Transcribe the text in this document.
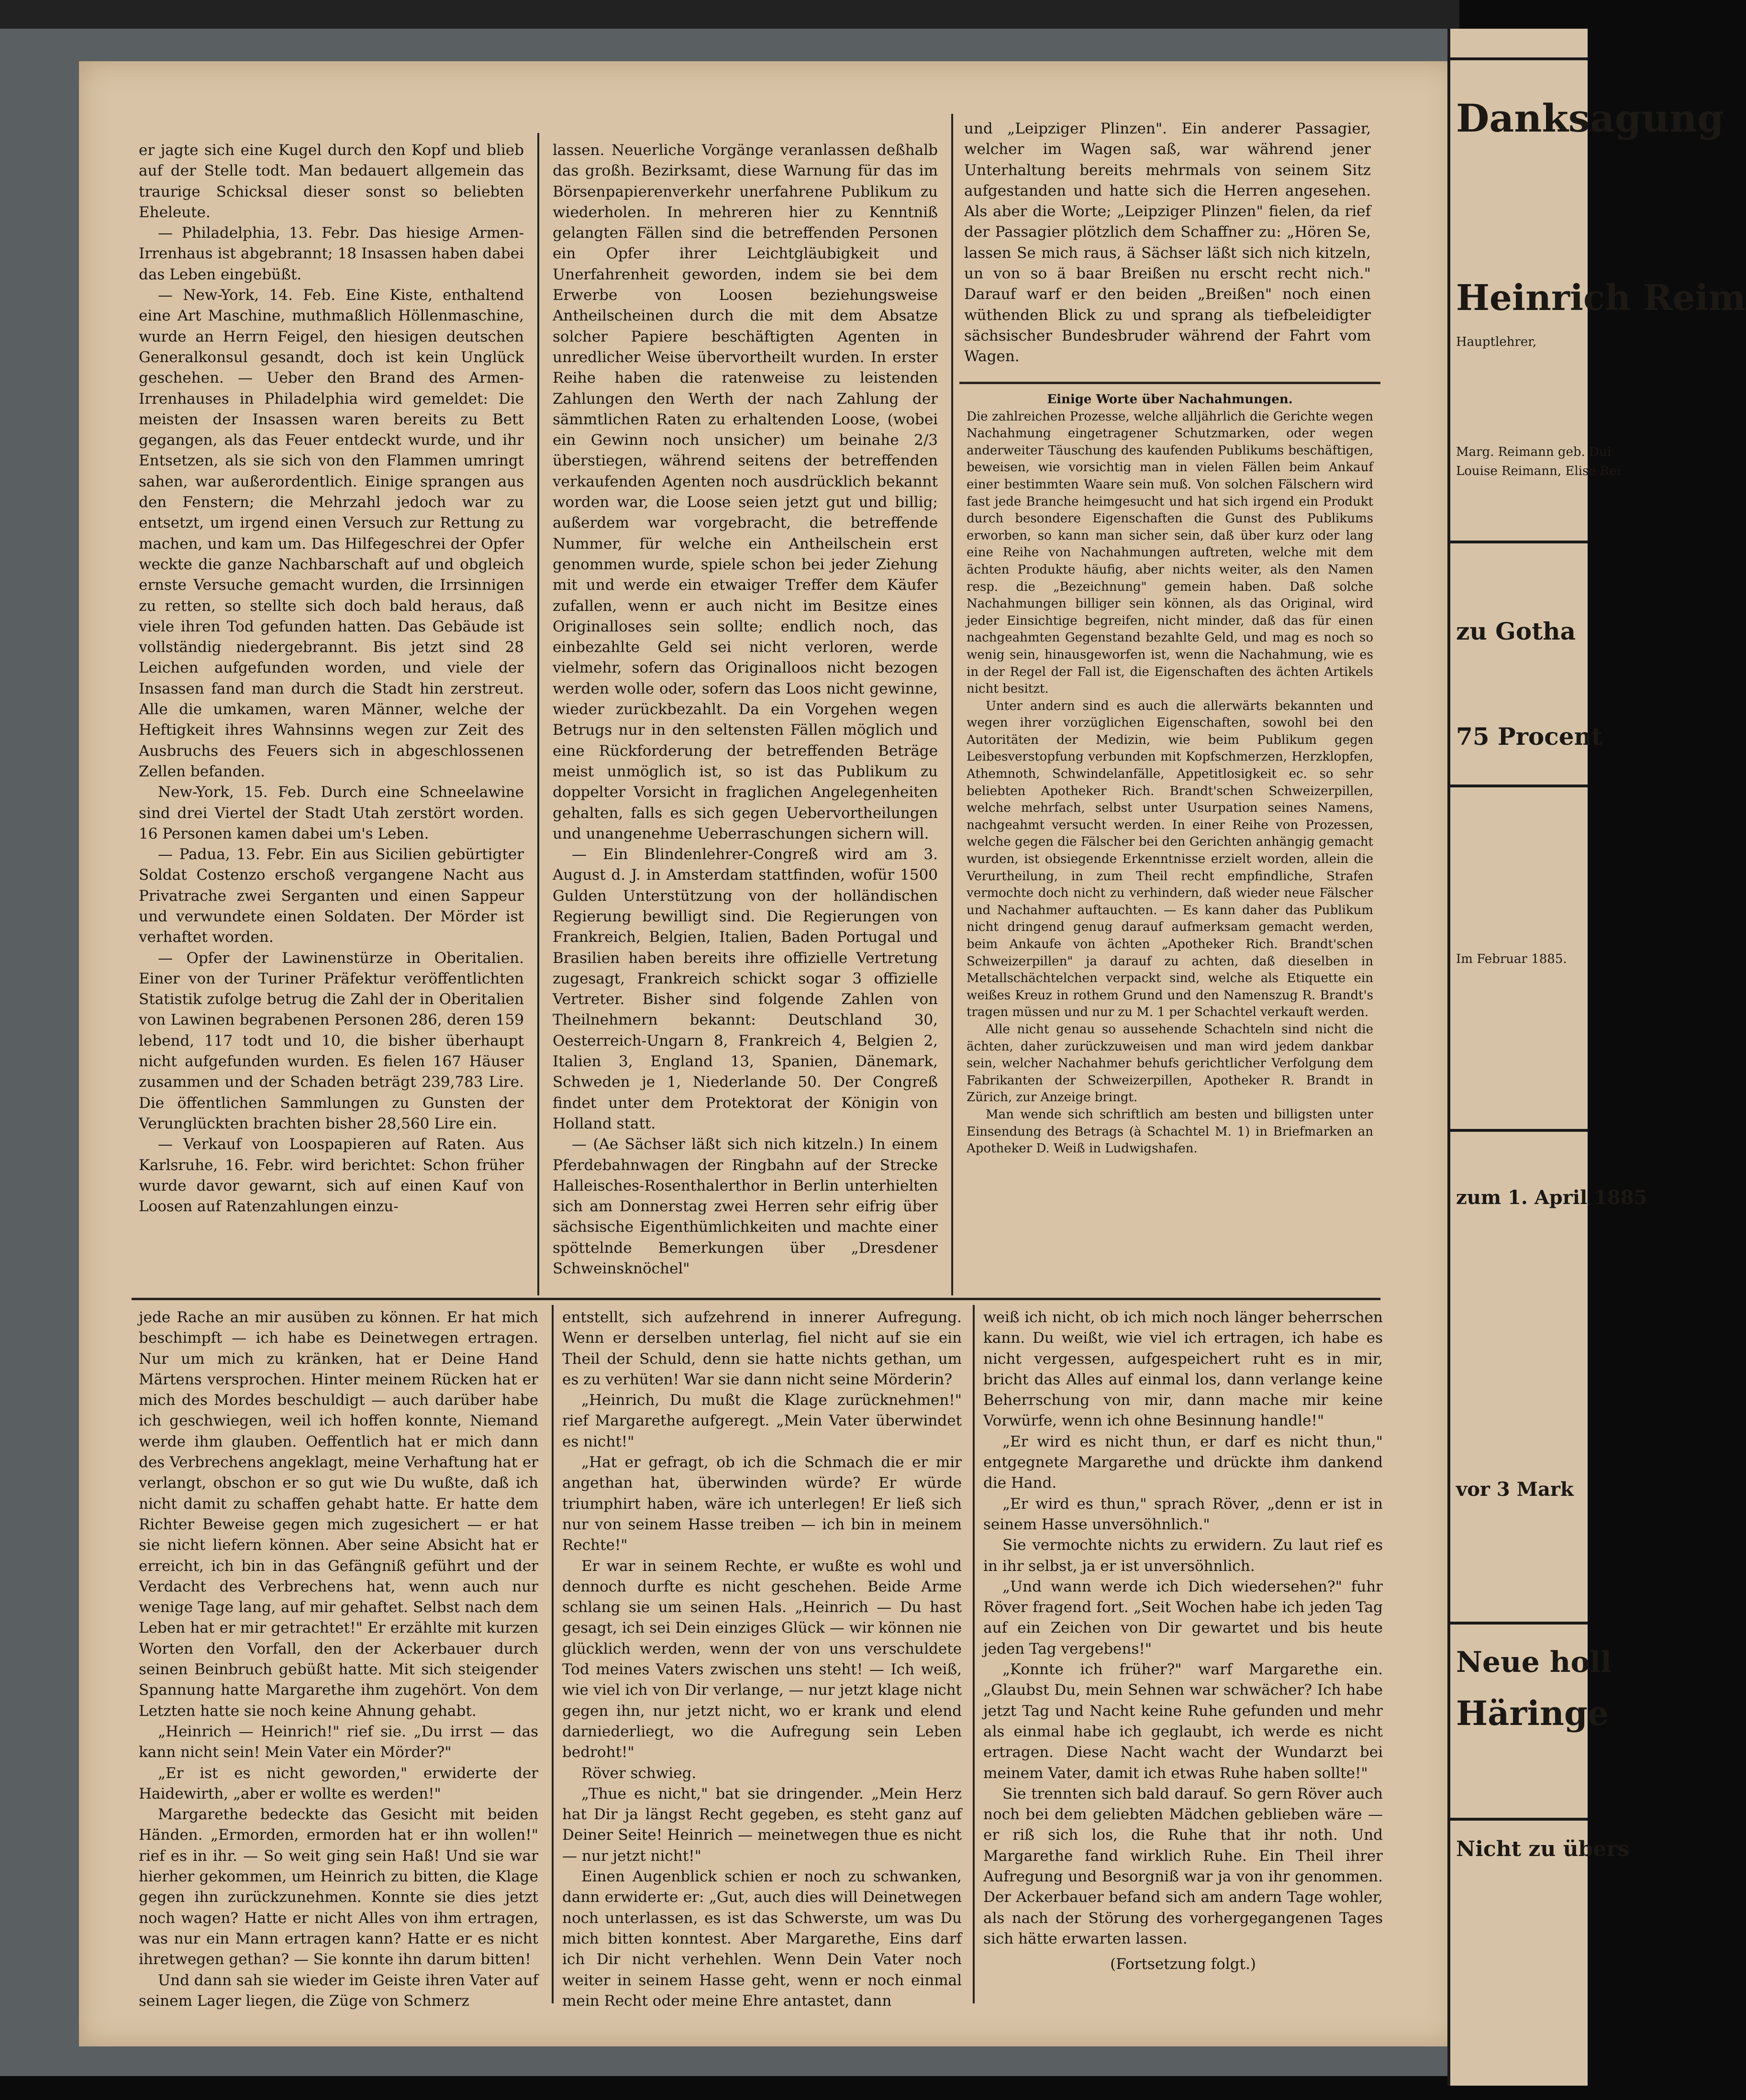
er jagte sich eine Kugel durch den Kopf und blieb auf der Stelle todt. Man bedauert allgemein das traurige Schicksal dieser sonst so beliebten Eheleute.

— Philadelphia, 13. Febr. Das hiesige Armen-Irrenhaus ist abgebrannt; 18 Insassen haben dabei das Leben eingebüßt.

— New-York, 14. Feb. Eine Kiste, enthaltend eine Art Maschine, muthmaßlich Höllenmaschine, wurde an Herrn Feigel, den hiesigen deutschen Generalkonsul gesandt, doch ist kein Unglück geschehen. — Ueber den Brand des Armen-Irrenhauses in Philadelphia wird gemeldet: Die meisten der Insassen waren bereits zu Bett gegangen, als das Feuer entdeckt wurde, und ihr Entsetzen, als sie sich von den Flammen umringt sahen, war außerordentlich. Einige sprangen aus den Fenstern; die Mehrzahl jedoch war zu entsetzt, um irgend einen Versuch zur Rettung zu machen, und kam um. Das Hilfegeschrei der Opfer weckte die ganze Nachbarschaft auf und obgleich ernste Versuche gemacht wurden, die Irrsinnigen zu retten, so stellte sich doch bald heraus, daß viele ihren Tod gefunden hatten. Das Gebäude ist vollständig niedergebrannt. Bis jetzt sind 28 Leichen aufgefunden worden, und viele der Insassen fand man durch die Stadt hin zerstreut. Alle die umkamen, waren Männer, welche der Heftigkeit ihres Wahnsinns wegen zur Zeit des Ausbruchs des Feuers sich in abgeschlossenen Zellen befanden.

New-York, 15. Feb. Durch eine Schneelawine sind drei Viertel der Stadt Utah zerstört worden. 16 Personen kamen dabei um's Leben.

— Padua, 13. Febr. Ein aus Sicilien gebürtigter Soldat Costenzo erschoß vergangene Nacht aus Privatrache zwei Serganten und einen Sappeur und verwundete einen Soldaten. Der Mörder ist verhaftet worden.

— Opfer der Lawinenstürze in Oberitalien. Einer von der Turiner Präfektur veröffentlichten Statistik zufolge betrug die Zahl der in Oberitalien von Lawinen begrabenen Personen 286, deren 159 lebend, 117 todt und 10, die bisher überhaupt nicht aufgefunden wurden. Es fielen 167 Häuser zusammen und der Schaden beträgt 239,783 Lire. Die öffentlichen Sammlungen zu Gunsten der Verunglückten brachten bisher 28,560 Lire ein.

— Verkauf von Loospapieren auf Raten. Aus Karlsruhe, 16. Febr. wird berichtet: Schon früher wurde davor gewarnt, sich auf einen Kauf von Loosen auf Ratenzahlungen einzu-

lassen. Neuerliche Vorgänge veranlassen deßhalb das großh. Bezirksamt, diese Warnung für das im Börsenpapierenverkehr unerfahrene Publikum zu wiederholen. In mehreren hier zu Kenntniß gelangten Fällen sind die betreffenden Personen ein Opfer ihrer Leichtgläubigkeit und Unerfahrenheit geworden, indem sie bei dem Erwerbe von Loosen beziehungsweise Antheilscheinen durch die mit dem Absatze solcher Papiere beschäftigten Agenten in unredlicher Weise übervortheilt wurden. In erster Reihe haben die ratenweise zu leistenden Zahlungen den Werth der nach Zahlung der sämmtlichen Raten zu erhaltenden Loose, (wobei ein Gewinn noch unsicher) um beinahe 2/3 überstiegen, während seitens der betreffenden verkaufenden Agenten noch ausdrücklich bekannt worden war, die Loose seien jetzt gut und billig; außerdem war vorgebracht, die betreffende Nummer, für welche ein Antheilschein erst genommen wurde, spiele schon bei jeder Ziehung mit und werde ein etwaiger Treffer dem Käufer zufallen, wenn er auch nicht im Besitze eines Originalloses sein sollte; endlich noch, das einbezahlte Geld sei nicht verloren, werde vielmehr, sofern das Originalloos nicht bezogen werden wolle oder, sofern das Loos nicht gewinne, wieder zurückbezahlt. Da ein Vorgehen wegen Betrugs nur in den seltensten Fällen möglich und eine Rückforderung der betreffenden Beträge meist unmöglich ist, so ist das Publikum zu doppelter Vorsicht in fraglichen Angelegenheiten gehalten, falls es sich gegen Uebervortheilungen und unangenehme Ueberraschungen sichern will.

— Ein Blindenlehrer-Congreß wird am 3. August d. J. in Amsterdam stattfinden, wofür 1500 Gulden Unterstützung von der holländischen Regierung bewilligt sind. Die Regierungen von Frankreich, Belgien, Italien, Baden Portugal und Brasilien haben bereits ihre offizielle Vertretung zugesagt, Frankreich schickt sogar 3 offizielle Vertreter. Bisher sind folgende Zahlen von Theilnehmern bekannt: Deutschland 30, Oesterreich-Ungarn 8, Frankreich 4, Belgien 2, Italien 3, England 13, Spanien, Dänemark, Schweden je 1, Niederlande 50. Der Congreß findet unter dem Protektorat der Königin von Holland statt.

— (Ae Sächser läßt sich nich kitzeln.) In einem Pferdebahnwagen der Ringbahn auf der Strecke Halleisches-Rosenthalerthor in Berlin unterhielten sich am Donnerstag zwei Herren sehr eifrig über sächsische Eigenthümlichkeiten und machte einer spöttelnde Bemerkungen über „Dresdener Schweinsknöchel"

und „Leipziger Plinzen". Ein anderer Passagier, welcher im Wagen saß, war während jener Unterhaltung bereits mehrmals von seinem Sitz aufgestanden und hatte sich die Herren angesehen. Als aber die Worte; „Leipziger Plinzen" fielen, da rief der Passagier plötzlich dem Schaffner zu: „Hören Se, lassen Se mich raus, ä Sächser läßt sich nich kitzeln, un von so ä baar Breißen nu erscht recht nich." Darauf warf er den beiden „Breißen" noch einen wüthenden Blick zu und sprang als tiefbeleidigter sächsischer Bundesbruder während der Fahrt vom Wagen.

Einige Worte über Nachahmungen.

Die zahlreichen Prozesse, welche alljährlich die Gerichte wegen Nachahmung eingetragener Schutzmarken, oder wegen anderweiter Täuschung des kaufenden Publikums beschäftigen, beweisen, wie vorsichtig man in vielen Fällen beim Ankauf einer bestimmten Waare sein muß. Von solchen Fälschern wird fast jede Branche heimgesucht und hat sich irgend ein Produkt durch besondere Eigenschaften die Gunst des Publikums erworben, so kann man sicher sein, daß über kurz oder lang eine Reihe von Nachahmungen auftreten, welche mit dem ächten Produkte häufig, aber nichts weiter, als den Namen resp. die „Bezeichnung" gemein haben. Daß solche Nachahmungen billiger sein können, als das Original, wird jeder Einsichtige begreifen, nicht minder, daß das für einen nachgeahmten Gegenstand bezahlte Geld, und mag es noch so wenig sein, hinausgeworfen ist, wenn die Nachahmung, wie es in der Regel der Fall ist, die Eigenschaften des ächten Artikels nicht besitzt.

Unter andern sind es auch die allerwärts bekannten und wegen ihrer vorzüglichen Eigenschaften, sowohl bei den Autoritäten der Medizin, wie beim Publikum gegen Leibesverstopfung verbunden mit Kopfschmerzen, Herzklopfen, Athemnoth, Schwindelanfälle, Appetitlosigkeit ec. so sehr beliebten Apotheker Rich. Brandt'schen Schweizerpillen, welche mehrfach, selbst unter Usurpation seines Namens, nachgeahmt versucht werden. In einer Reihe von Prozessen, welche gegen die Fälscher bei den Gerichten anhängig gemacht wurden, ist obsiegende Erkenntnisse erzielt worden, allein die Verurtheilung, in zum Theil recht empfindliche, Strafen vermochte doch nicht zu verhindern, daß wieder neue Fälscher und Nachahmer auftauchten. — Es kann daher das Publikum nicht dringend genug darauf aufmerksam gemacht werden, beim Ankaufe von ächten „Apotheker Rich. Brandt'schen Schweizerpillen" ja darauf zu achten, daß dieselben in Metallschächtelchen verpackt sind, welche als Etiquette ein weißes Kreuz in rothem Grund und den Namenszug R. Brandt's tragen müssen und nur zu M. 1 per Schachtel verkauft werden.

Alle nicht genau so aussehende Schachteln sind nicht die ächten, daher zurückzuweisen und man wird jedem dankbar sein, welcher Nachahmer behufs gerichtlicher Verfolgung dem Fabrikanten der Schweizerpillen, Apotheker R. Brandt in Zürich, zur Anzeige bringt.

Man wende sich schriftlich am besten und billigsten unter Einsendung des Betrags (à Schachtel M. 1) in Briefmarken an Apotheker D. Weiß in Ludwigshafen.

jede Rache an mir ausüben zu können. Er hat mich beschimpft — ich habe es Deinetwegen ertragen. Nur um mich zu kränken, hat er Deine Hand Märtens versprochen. Hinter meinem Rücken hat er mich des Mordes beschuldigt — auch darüber habe ich geschwiegen, weil ich hoffen konnte, Niemand werde ihm glauben. Oeffentlich hat er mich dann des Verbrechens angeklagt, meine Verhaftung hat er verlangt, obschon er so gut wie Du wußte, daß ich nicht damit zu schaffen gehabt hatte. Er hatte dem Richter Beweise gegen mich zugesichert — er hat sie nicht liefern können. Aber seine Absicht hat er erreicht, ich bin in das Gefängniß geführt und der Verdacht des Verbrechens hat, wenn auch nur wenige Tage lang, auf mir gehaftet. Selbst nach dem Leben hat er mir getrachtet!" Er erzählte mit kurzen Worten den Vorfall, den der Ackerbauer durch seinen Beinbruch gebüßt hatte. Mit sich steigender Spannung hatte Margarethe ihm zugehört. Von dem Letzten hatte sie noch keine Ahnung gehabt.

„Heinrich — Heinrich!" rief sie. „Du irrst — das kann nicht sein! Mein Vater ein Mörder?"

„Er ist es nicht geworden," erwiderte der Haidewirth, „aber er wollte es werden!"

Margarethe bedeckte das Gesicht mit beiden Händen. „Ermorden, ermorden hat er ihn wollen!" rief es in ihr. — So weit ging sein Haß! Und sie war hierher gekommen, um Heinrich zu bitten, die Klage gegen ihn zurückzunehmen. Konnte sie dies jetzt noch wagen? Hatte er nicht Alles von ihm ertragen, was nur ein Mann ertragen kann? Hatte er es nicht ihretwegen gethan? — Sie konnte ihn darum bitten!

Und dann sah sie wieder im Geiste ihren Vater auf seinem Lager liegen, die Züge von Schmerz

entstellt, sich aufzehrend in innerer Aufregung. Wenn er derselben unterlag, fiel nicht auf sie ein Theil der Schuld, denn sie hatte nichts gethan, um es zu verhüten! War sie dann nicht seine Mörderin?

„Heinrich, Du mußt die Klage zurücknehmen!" rief Margarethe aufgeregt. „Mein Vater überwindet es nicht!"

„Hat er gefragt, ob ich die Schmach die er mir angethan hat, überwinden würde? Er würde triumphirt haben, wäre ich unterlegen! Er ließ sich nur von seinem Hasse treiben — ich bin in meinem Rechte!"

Er war in seinem Rechte, er wußte es wohl und dennoch durfte es nicht geschehen. Beide Arme schlang sie um seinen Hals. „Heinrich — Du hast gesagt, ich sei Dein einziges Glück — wir können nie glücklich werden, wenn der von uns verschuldete Tod meines Vaters zwischen uns steht! — Ich weiß, wie viel ich von Dir verlange, — nur jetzt klage nicht gegen ihn, nur jetzt nicht, wo er krank und elend darniederliegt, wo die Aufregung sein Leben bedroht!"

Röver schwieg.

„Thue es nicht," bat sie dringender. „Mein Herz hat Dir ja längst Recht gegeben, es steht ganz auf Deiner Seite! Heinrich — meinetwegen thue es nicht — nur jetzt nicht!"

Einen Augenblick schien er noch zu schwanken, dann erwiderte er: „Gut, auch dies will Deinetwegen noch unterlassen, es ist das Schwerste, um was Du mich bitten konntest. Aber Margarethe, Eins darf ich Dir nicht verhehlen. Wenn Dein Vater noch weiter in seinem Hasse geht, wenn er noch einmal mein Recht oder meine Ehre antastet, dann

weiß ich nicht, ob ich mich noch länger beherrschen kann. Du weißt, wie viel ich ertragen, ich habe es nicht vergessen, aufgespeichert ruht es in mir, bricht das Alles auf einmal los, dann verlange keine Beherrschung von mir, dann mache mir keine Vorwürfe, wenn ich ohne Besinnung handle!"

„Er wird es nicht thun, er darf es nicht thun," entgegnete Margarethe und drückte ihm dankend die Hand.

„Er wird es thun," sprach Röver, „denn er ist in seinem Hasse unversöhnlich."

Sie vermochte nichts zu erwidern. Zu laut rief es in ihr selbst, ja er ist unversöhnlich.

„Und wann werde ich Dich wiedersehen?" fuhr Röver fragend fort. „Seit Wochen habe ich jeden Tag auf ein Zeichen von Dir gewartet und bis heute jeden Tag vergebens!"

„Konnte ich früher?" warf Margarethe ein. „Glaubst Du, mein Sehnen war schwächer? Ich habe jetzt Tag und Nacht keine Ruhe gefunden und mehr als einmal habe ich geglaubt, ich werde es nicht ertragen. Diese Nacht wacht der Wundarzt bei meinem Vater, damit ich etwas Ruhe haben sollte!"

Sie trennten sich bald darauf. So gern Röver auch noch bei dem geliebten Mädchen geblieben wäre — er riß sich los, die Ruhe that ihr noth. Und Margarethe fand wirklich Ruhe. Ein Theil ihrer Aufregung und Besorgniß war ja von ihr genommen. Der Ackerbauer befand sich am andern Tage wohler, als nach der Störung des vorhergegangenen Tages sich hätte erwarten lassen.

(Fortsetzung folgt.)

Danksagung
Heinrich Reim
Hauptlehrer,
Marg. Reimann geb. Dui
Louise Reimann, Elise Rei
zu Gotha
75 Procent
Im Februar 1885.
zum 1. April 1885
vor 3 Mark
Neue holl
Häringe
Nicht zu übers
